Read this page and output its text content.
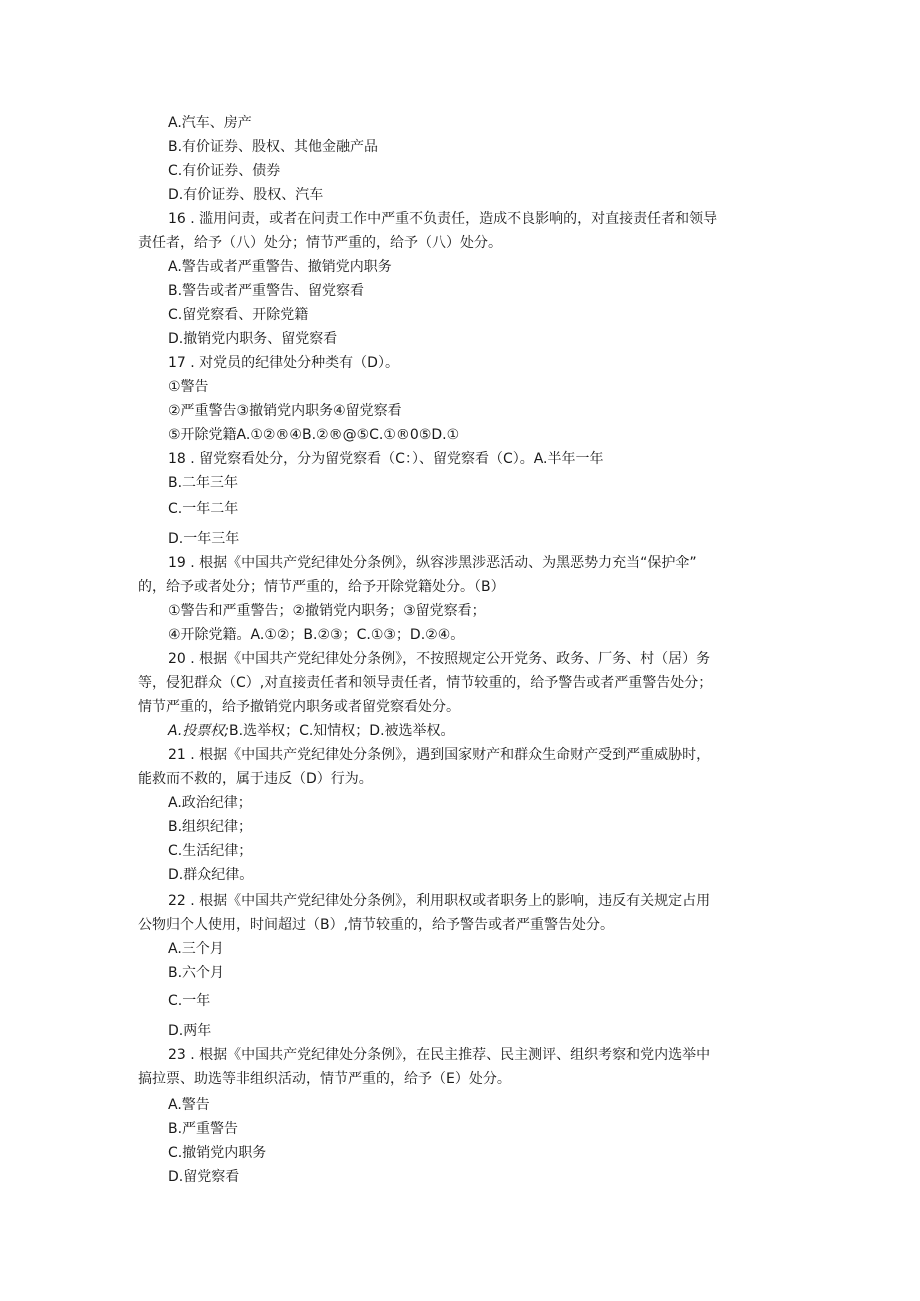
A.汽车、房产
B.有价证券、股权、其他金融产品
C.有价证券、债券
D.有价证券、股权、汽车
16 . 滥用问责，或者在问责工作中严重不负责任，造成不良影响的，对直接责任者和领导
责任者，给予（八）处分；情节严重的，给予（八）处分。
A.警告或者严重警告、撤销党内职务
B.警告或者严重警告、留党察看
C.留党察看、开除党籍
D.撤销党内职务、留党察看
17 . 对党员的纪律处分种类有（D）。
①警告
②严重警告③撤销党内职务④留党察看
⑤开除党籍A.①②®④B.②®@⑤C.①®0⑤D.①
18 . 留党察看处分，分为留党察看（C：）、留党察看（C）。A.半年一年
B.二年三年
C.一年二年
D.一年三年
19 . 根据《中国共产党纪律处分条例》，纵容涉黑涉恶活动、为黑恶势力充当“保护伞”
的，给予或者处分；情节严重的，给予开除党籍处分。（B）
①警告和严重警告；②撤销党内职务；③留党察看；
④开除党籍。A.①②；B.②③；C.①③；D.②④。
20 . 根据《中国共产党纪律处分条例》，不按照规定公开党务、政务、厂务、村（居）务
等，侵犯群众（C）,对直接责任者和领导责任者，情节较重的，给予警告或者严重警告处分；
情节严重的，给予撤销党内职务或者留党察看处分。
A.投票权;B.选举权；C.知情权；D.被选举权。
21 . 根据《中国共产党纪律处分条例》，遇到国家财产和群众生命财产受到严重威胁时，
能救而不救的，属于违反（D）行为。
A.政治纪律；
B.组织纪律；
C.生活纪律；
D.群众纪律。
22 . 根据《中国共产党纪律处分条例》，利用职权或者职务上的影响，违反有关规定占用
公物归个人使用，时间超过（B）,情节较重的，给予警告或者严重警告处分。
A.三个月
B.六个月
C.一年
D.两年
23 . 根据《中国共产党纪律处分条例》，在民主推荐、民主测评、组织考察和党内选举中
搞拉票、助选等非组织活动，情节严重的，给予（E）处分。
A.警告
B.严重警告
C.撤销党内职务
D.留党察看
